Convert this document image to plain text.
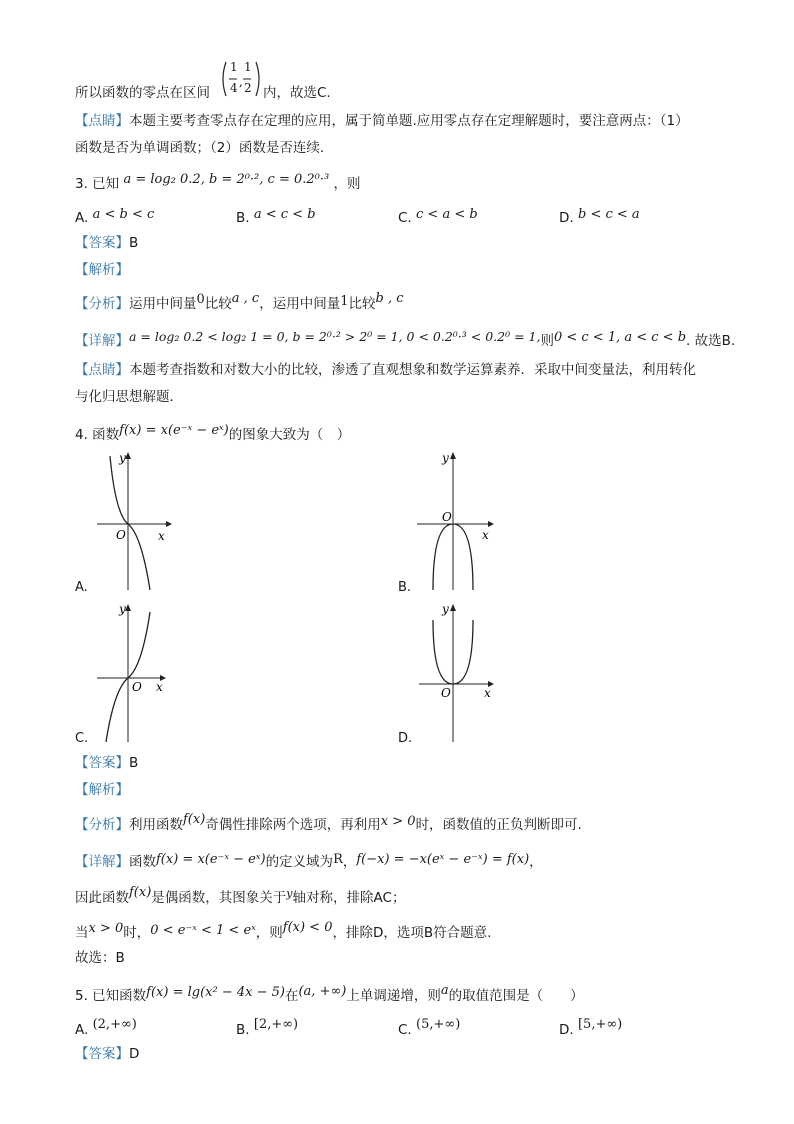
所以函数的零点在区间
,
1
4
1
2 内，故选C.
【点睛】本题主要考查零点存在定理的应用，属于简单题.应用零点存在定理解题时，要注意两点：（1）
函数是否为单调函数；（2）函数是否连续.
3. 已知 a = log₂ 0.2, b = 2⁰·², c = 0.2⁰·³ ，则
A. a < b < c	B. a < c < b	C. c < a < b	D. b < c < a
【答案】B
【解析】
【分析】运用中间量0比较a , c，运用中间量1比较b , c
【详解】a = log₂ 0.2 < log₂ 1 = 0, b = 2⁰·² > 2⁰ = 1, 0 < 0.2⁰·³ < 0.2⁰ = 1,则0 < c < 1, a < c < b. 故选B.
【点睛】本题考查指数和对数大小的比较，渗透了直观想象和数学运算素养．采取中间变量法，利用转化
与化归思想解题．
4. 函数f(x) = x(e⁻ˣ − eˣ)的图象大致为（　）
y
x
O
A.
y
x
O
B.
y
x
O
C.
y
x
O
D.
【答案】B
【解析】
【分析】利用函数f(x)奇偶性排除两个选项，再利用x > 0时，函数值的正负判断即可.
【详解】函数f(x) = x(e⁻ˣ − eˣ)的定义域为R，f(−x) = −x(eˣ − e⁻ˣ) = f(x)，
因此函数f(x)是偶函数，其图象关于$^y$轴对称，排除AC；
当x > 0时，0 < e⁻ˣ < 1 < eˣ，则f(x) < 0，排除D，选项B符合题意.
故选：B
5. 已知函数f(x) = lg(x² − 4x − 5)在(a, +∞)上单调递增，则a的取值范围是（　　）
A. (2,+∞)	B. [2,+∞)	C. (5,+∞)	D. [5,+∞)
【答案】D
